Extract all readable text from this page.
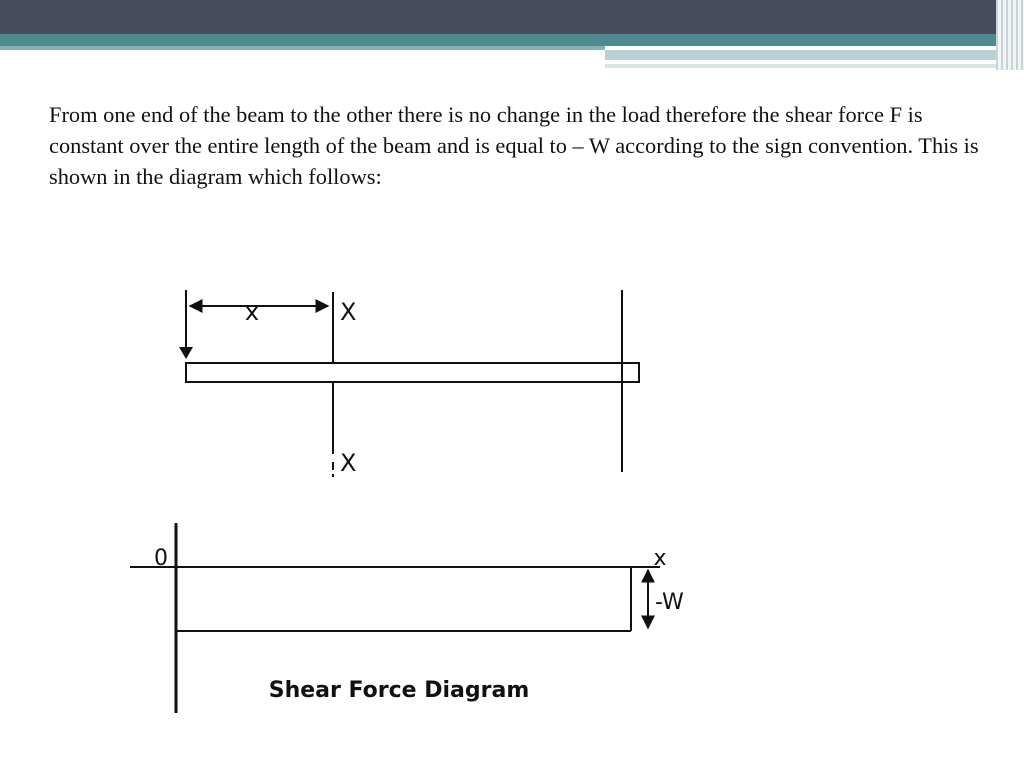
From one end of the beam to the other there is no change in the load therefore the shear force F is constant over the entire length of the beam and is equal to – W according to the sign convention. This is shown in the diagram which follows:

x	X
X
0	x
-W
Shear Force Diagram
